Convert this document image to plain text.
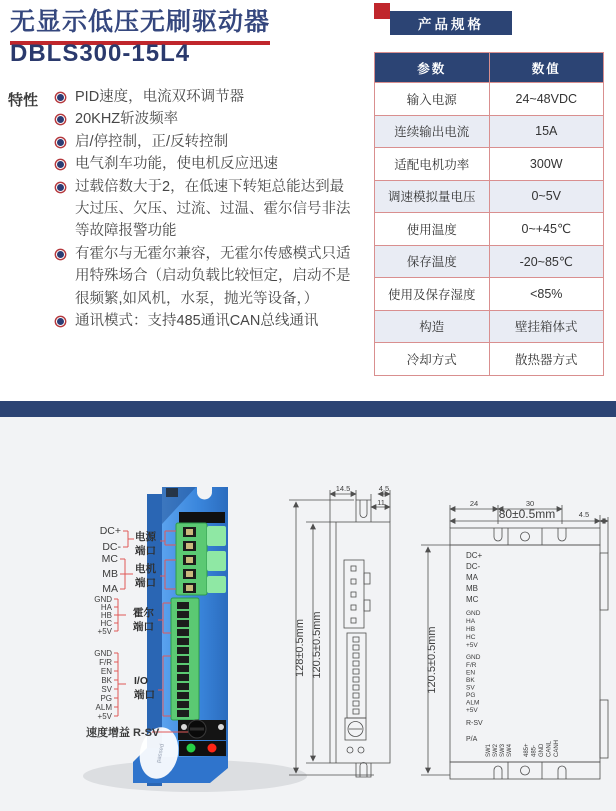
无显示低压无刷驱动器
DBLS300-15L4
特性	PID速度，电流双环调节器
20KHZ斩波频率
启/停控制，正/反转控制
电气刹车功能，使电机反应迅速
过载倍数大于2，在低速下转矩总能达到最大过压、欠压、过流、过温、霍尔信号非法等故障报警功能
有霍尔与无霍尔兼容，无霍尔传感模式只适用特殊场合（启动负载比较恒定，启动不是很频繁,如风机，水泵，抛光等设备，）
通讯模式：支持485通讯CAN总线通讯
产品规格
参数	数值
输入电源	24~48VDC
连续输出电流	15A
适配电机功率	300W
调速模拟量电压	0~5V
使用温度	0~+45℃
保存温度	-20~85℃
使用及保存湿度	<85%
构造	壁挂箱体式
冷却方式	散热器方式
passed
DC+
DC-
MC
MB
MA
GND
HA
HB
HC
+5V
GND
F/R
EN
BK
SV
PG
ALM
+5V
电源
端口
电机
端口
霍尔
端口
I/O
端口
速度增益 R-SV
14.5	4.5
11
128±0.5mm 120.5±0.5mm
24	30
80±0.5mm	4.5
120.5±0.5mm
DC+
DC-
MA
MB
MC
GND
HA
HB
HC
+5V
GND
F/R
EN
BK
SV
PG
ALM
+5V
R-SV
P/A
SW1 SW2 SW3 SW4 485+ 485- GND CANL CANH
